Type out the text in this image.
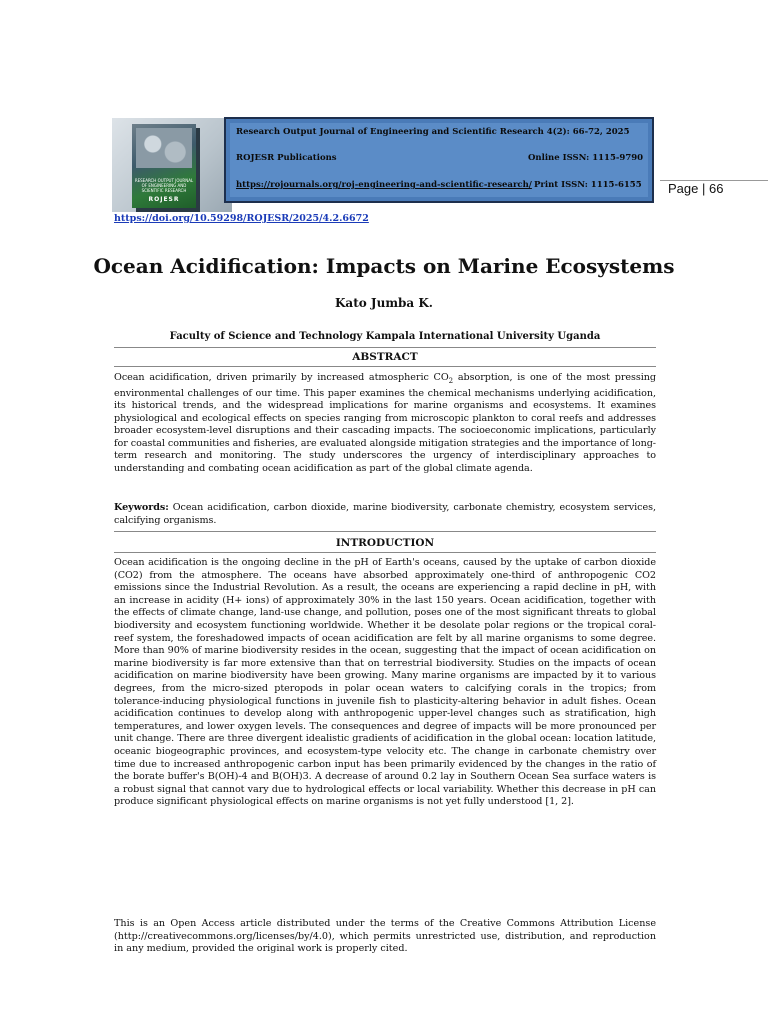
RESEARCH OUTPUT JOURNAL OF ENGINEERING AND SCIENTIFIC RESEARCH
ROJESR
Research Output Journal of Engineering and Scientific Research 4(2): 66-72, 2025
ROJESR Publications	Online ISSN: 1115-9790
https://rojournals.org/roj-engineering-and-scientific-research/ Print ISSN: 1115-6155 Page | 66
https://doi.org/10.59298/ROJESR/2025/4.2.6672
Ocean Acidification: Impacts on Marine Ecosystems
Kato Jumba K.
Faculty of Science and Technology Kampala International University Uganda
ABSTRACT
Ocean acidification, driven primarily by increased atmospheric $CO_2$ absorption, is one of the most pressing environmental challenges of our time. This paper examines the chemical mechanisms underlying acidification, its historical trends, and the widespread implications for marine organisms and ecosystems. It examines physiological and ecological effects on species ranging from microscopic plankton to coral reefs and addresses broader ecosystem-level disruptions and their cascading impacts. The socioeconomic implications, particularly for coastal communities and fisheries, are evaluated alongside mitigation strategies and the importance of long-term research and monitoring. The study underscores the urgency of interdisciplinary approaches to understanding and combating ocean acidification as part of the global climate agenda.
Keywords: Ocean acidification, carbon dioxide, marine biodiversity, carbonate chemistry, ecosystem services, calcifying organisms.
INTRODUCTION
Ocean acidification is the ongoing decline in the pH of Earth's oceans, caused by the uptake of carbon dioxide (CO2) from the atmosphere. The oceans have absorbed approximately one-third of anthropogenic CO2 emissions since the Industrial Revolution. As a result, the oceans are experiencing a rapid decline in pH, with an increase in acidity (H+ ions) of approximately 30% in the last 150 years. Ocean acidification, together with the effects of climate change, land-use change, and pollution, poses one of the most significant threats to global biodiversity and ecosystem functioning worldwide. Whether it be desolate polar regions or the tropical coral-reef system, the foreshadowed impacts of ocean acidification are felt by all marine organisms to some degree. More than 90% of marine biodiversity resides in the ocean, suggesting that the impact of ocean acidification on marine biodiversity is far more extensive than that on terrestrial biodiversity. Studies on the impacts of ocean acidification on marine biodiversity have been growing. Many marine organisms are impacted by it to various degrees, from the micro-sized pteropods in polar ocean waters to calcifying corals in the tropics; from tolerance-inducing physiological functions in juvenile fish to plasticity-altering behavior in adult fishes. Ocean acidification continues to develop along with anthropogenic upper-level changes such as stratification, high temperatures, and lower oxygen levels. The consequences and degree of impacts will be more pronounced per unit change. There are three divergent idealistic gradients of acidification in the global ocean: location latitude, oceanic biogeographic provinces, and ecosystem-type velocity etc. The change in carbonate chemistry over time due to increased anthropogenic carbon input has been primarily evidenced by the changes in the ratio of the borate buffer's B(OH)-4 and B(OH)3. A decrease of around 0.2 lay in Southern Ocean Sea surface waters is a robust signal that cannot vary due to hydrological effects or local variability. Whether this decrease in pH can produce significant physiological effects on marine organisms is not yet fully understood [1, 2].
This is an Open Access article distributed under the terms of the Creative Commons Attribution License (http://creativecommons.org/licenses/by/4.0), which permits unrestricted use, distribution, and reproduction in any medium, provided the original work is properly cited.
